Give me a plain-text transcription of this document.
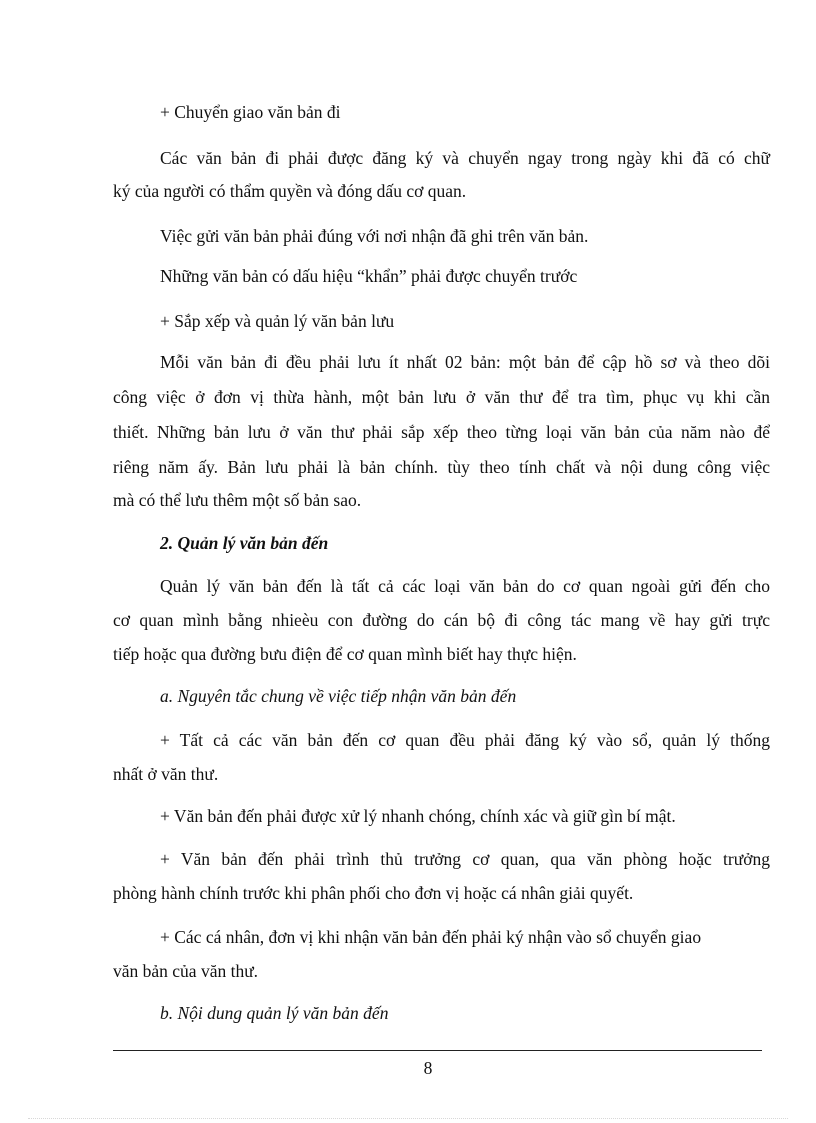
+ Chuyển giao văn bản đi

Các văn bản đi phải được đăng ký và chuyển ngay trong ngày khi đã có chữ

ký của người có thẩm quyền và đóng dấu cơ quan.

Việc gửi văn bản phải đúng với nơi nhận đã ghi trên văn bản.

Những văn bản có dấu hiệu “khẩn” phải được chuyển trước

+ Sắp xếp và quản lý văn bản lưu

Mỗi văn bản đi đều phải lưu ít nhất 02 bản: một bản để cập hồ sơ và theo dõi

công việc ở đơn vị thừa hành, một bản lưu ở văn thư để tra tìm, phục vụ khi cần

thiết. Những bản lưu ở văn thư phải sắp xếp theo từng loại văn bản của năm nào để

riêng năm ấy. Bản lưu phải là bản chính. tùy theo tính chất và nội dung công việc

mà có thể lưu thêm một số bản sao.

2. Quản lý văn bản đến

Quản lý văn bản đến là tất cả các loại văn bản do cơ quan ngoài gửi đến cho

cơ quan mình bằng nhieèu con đường do cán bộ đi công tác mang về hay gửi trực

tiếp hoặc qua đường bưu điện để cơ quan mình biết hay thực hiện.

a. Nguyên tắc chung về việc tiếp nhận văn bản đến

+ Tất cả các văn bản đến cơ quan đều phải đăng ký vào sổ, quản lý thống

nhất ở văn thư.

+ Văn bản đến phải được xử lý nhanh chóng, chính xác và giữ gìn bí mật.

+ Văn bản đến phải trình thủ trưởng cơ quan, qua văn phòng hoặc trưởng

phòng hành chính trước khi phân phối cho đơn vị hoặc cá nhân giải quyết.

+ Các cá nhân, đơn vị khi nhận văn bản đến phải ký nhận vào sổ chuyển giao

văn bản của văn thư.

b. Nội dung quản lý văn bản đến

8
